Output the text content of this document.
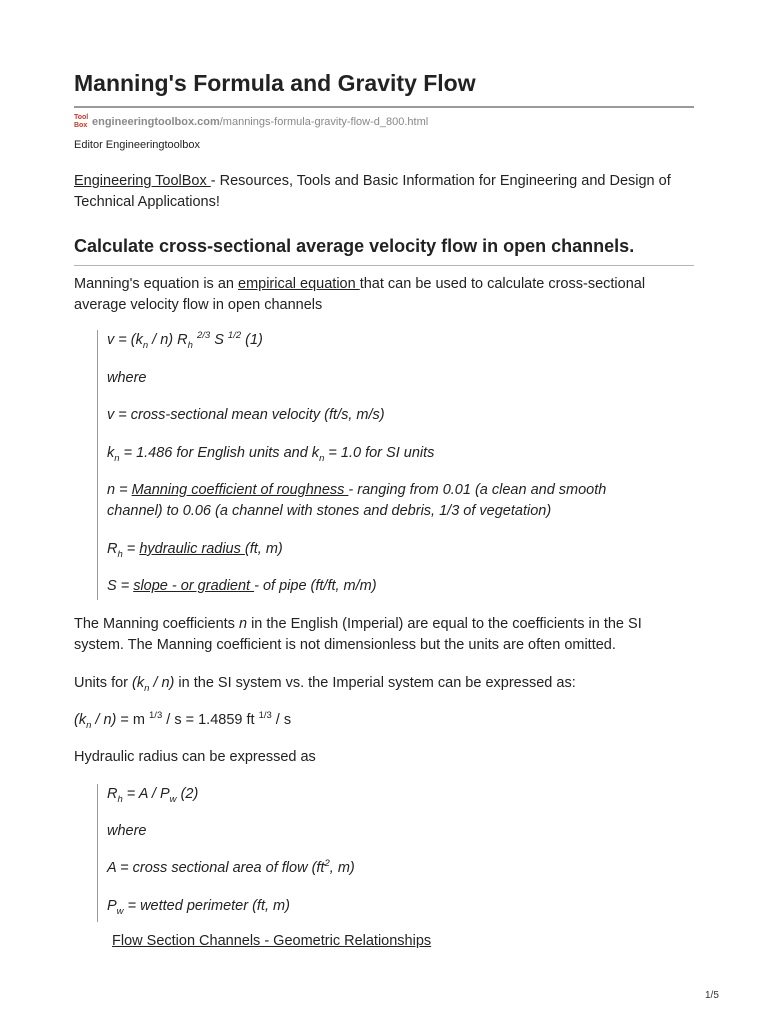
Manning's Formula and Gravity Flow
Tool
Box engineeringtoolbox.com/mannings-formula-gravity-flow-d_800.html
Editor Engineeringtoolbox

Engineering ToolBox - Resources, Tools and Basic Information for Engineering and Design of Technical Applications!

Calculate cross-sectional average velocity flow in open channels.

Manning's equation is an empirical equation that can be used to calculate cross-sectional average velocity flow in open channels

$v = (k_n / n)$ $R_h$ $^{2/3}$ S $^{1/2}$ (1)
where
v = cross-sectional mean velocity (ft/s, m/s)
$k_n = 1.486$ for English units and $k_n = 1.0$ for SI units
n = Manning coefficient of roughness - ranging from 0.01 (a clean and smooth channel) to 0.06 (a channel with stones and debris, 1/3 of vegetation)
$R_h$ = hydraulic radius (ft, m)
S = slope - or gradient - of pipe (ft/ft, m/m)

The Manning coefficients n in the English (Imperial) are equal to the coefficients in the SI system. The Manning coefficient is not dimensionless but the units are often omitted.

Units for $(k_n / n)$ in the SI system vs. the Imperial system can be expressed as:

$(k_n / n) = m$ $^{1/3}$ / s = 1.4859 ft $^{1/3}$ / s

Hydraulic radius can be expressed as

$R_h = A / P_w$ (2)
where
A = cross sectional area of flow ($ft^2$, m)
$P_w$ = wetted perimeter (ft, m)
Flow Section Channels - Geometric Relationships
1/5
